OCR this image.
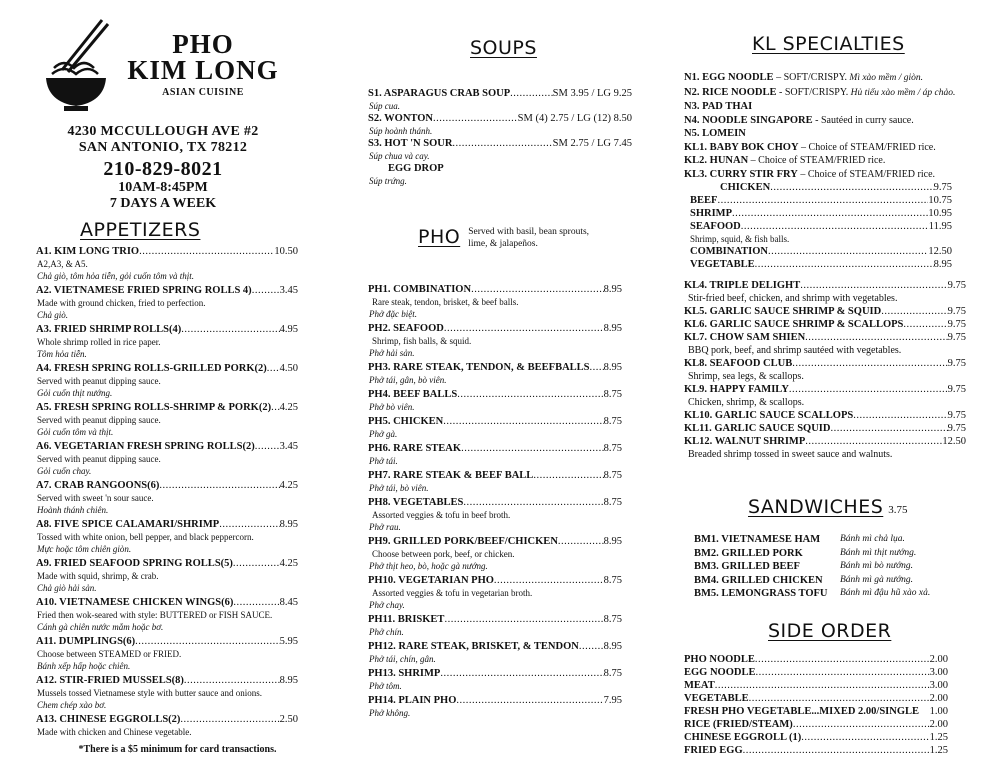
PHO
KIM LONG
ASIAN CUISINE
4230 MCCULLOUGH AVE #2
SAN ANTONIO, TX 78212
210-829-8021
10AM-8:45PM
7 DAYS A WEEK
APPETIZERS
A1. KIM LONG TRIO .....	10.50
A2,A3, & A5.
Chả giò, tôm hỏa tiễn, gỏi cuốn tôm và thịt.
A2. VIETNAMESE FRIED SPRING ROLLS 4) .....	3.45
Made with ground chicken, fried to perfection.
Chả giò.
A3. FRIED SHRIMP ROLLS(4) .....	4.95
Whole shrimp rolled in rice paper.
Tôm hỏa tiễn.
A4. FRESH SPRING ROLLS-GRILLED PORK(2) ..... 4.50
Served with peanut dipping sauce.
Gỏi cuốn thịt nướng.
A5. FRESH SPRING ROLLS-SHRIMP & PORK(2) ..... 4.25
Served with peanut dipping sauce.
Gỏi cuốn tôm và thịt.
A6. VEGETARIAN FRESH SPRING ROLLS(2) ..... 3.45
Served with peanut dipping sauce.
Gỏi cuốn chay.
A7. CRAB RANGOONS(6) .....	4.25
Served with sweet 'n sour sauce.
Hoành thánh chiên.
A8. FIVE SPICE CALAMARI/SHRIMP .....	8.95
Tossed with white onion, bell pepper, and black peppercorn.
Mực hoặc tôm chiên giòn.
A9. FRIED SEAFOOD SPRING ROLLS(5) .....	4.25
Made with squid, shrimp, & crab.
Chả giò hải sản.
A10. VIETNAMESE CHICKEN WINGS(6) .....	8.45
Fried then wok-seared with style: BUTTERED or FISH SAUCE.
Cánh gà chiên nước mắm hoặc bơ.
A11. DUMPLINGS(6) .....	5.95
Choose between STEAMED or FRIED.
Bánh xếp hấp hoặc chiên.
A12. STIR-FRIED MUSSELS(8) .....	8.95
Mussels tossed Vietnamese style with butter sauce and onions.
Chem chép xào bơ.
A13. CHINESE EGGROLLS(2) .....	2.50
Made with chicken and Chinese vegetable.
*There is a $5 minimum for card transactions.
SOUPS
S1. ASPARAGUS CRAB SOUP .....	SM 3.95 / LG 9.25
Súp cua.
S2. WONTON .....	SM (4) 2.75 / LG (12) 8.50
Súp hoành thánh.
S3. HOT 'N SOUR .....	SM 2.75 / LG 7.45
Súp chua và cay.
EGG DROP
Súp trứng.
PHO Served with basil, bean sprouts, lime, & jalapeños.
PH1. COMBINATION .....	8.95
Rare steak, tendon, brisket, & beef balls.
Phở đặc biệt.
PH2. SEAFOOD .....	8.95
Shrimp, fish balls, & squid.
Phở hải sản.
PH3. RARE STEAK, TENDON, & BEEFBALLS ..... 8.95
Phở tái, gân, bò viên.
PH4. BEEF BALLS .....	8.75
Phở bò viên.
PH5. CHICKEN .....	8.75
Phở gà.
PH6. RARE STEAK .....	8.75
Phở tái.
PH7. RARE STEAK & BEEF BALL .....	8.75
Phở tái, bò viên.
PH8. VEGETABLES .....	8.75
Assorted veggies & tofu in beef broth.
Phở rau.
PH9. GRILLED PORK/BEEF/CHICKEN .....	8.95
Choose between pork, beef, or chicken.
Phở thịt heo, bò, hoặc gà nướng.
PH10. VEGETARIAN PHO .....	8.75
Assorted veggies & tofu in vegetarian broth.
Phở chay.
PH11. BRISKET .....	8.75
Phở chín.
PH12. RARE STEAK, BRISKET, & TENDON ..... 8.95
Phở tái, chín, gân.
PH13. SHRIMP .....	8.75
Phở tôm.
PH14. PLAIN PHO .....	7.95
Phở không.
KL SPECIALTIES
N1. EGG NOODLE – SOFT/CRISPY. Mì xào mềm / giòn.
N2. RICE NOODLE - SOFT/CRISPY. Hủ tiếu xào mềm / áp chảo.
N3. PAD THAI
N4. NOODLE SINGAPORE - Sautéed in curry sauce.
N5. LOMEIN
KL1. BABY BOK CHOY – Choice of STEAM/FRIED rice.
KL2. HUNAN – Choice of STEAM/FRIED rice.
KL3. CURRY STIR FRY – Choice of STEAM/FRIED rice.
CHICKEN .....	9.75
BEEF .....	10.75
SHRIMP .....	10.95
SEAFOOD .....	11.95
Shrimp, squid, & fish balls.
COMBINATION .....	12.50
VEGETABLE .....	8.95
KL4. TRIPLE DELIGHT .....	9.75
Stir-fried beef, chicken, and shrimp with vegetables.
KL5. GARLIC SAUCE SHRIMP & SQUID .....	9.75
KL6. GARLIC SAUCE SHRIMP & SCALLOPS .....	9.75
KL7. CHOW SAM SHIEN .....	9.75
BBQ pork, beef, and shrimp sautéed with vegetables.
KL8. SEAFOOD CLUB .....	9.75
Shrimp, sea legs, & scallops.
KL9. HAPPY FAMILY .....	9.75
Chicken, shrimp, & scallops.
KL10. GARLIC SAUCE SCALLOPS .....	9.75
KL11. GARLIC SAUCE SQUID .....	9.75
KL12. WALNUT SHRIMP .....	12.50
Breaded shrimp tossed in sweet sauce and walnuts.
SANDWICHES 3.75
BM1. VIETNAMESE HAM	Bánh mì chả lụa.
BM2. GRILLED PORK	Bánh mì thịt nướng.
BM3. GRILLED BEEF	Bánh mì bò nướng.
BM4. GRILLED CHICKEN	Bánh mì gà nướng.
BM5. LEMONGRASS TOFU	Bánh mì đậu hũ xào xả.
SIDE ORDER
PHO NOODLE .....	2.00
EGG NOODLE .....	3.00
MEAT .....	3.00
VEGETABLE .....	2.00
FRESH PHO VEGETABLE...MIXED 2.00/SINGLE 1.00
RICE (FRIED/STEAM) .....	2.00
CHINESE EGGROLL (1) .....	1.25
FRIED EGG .....	1.25
